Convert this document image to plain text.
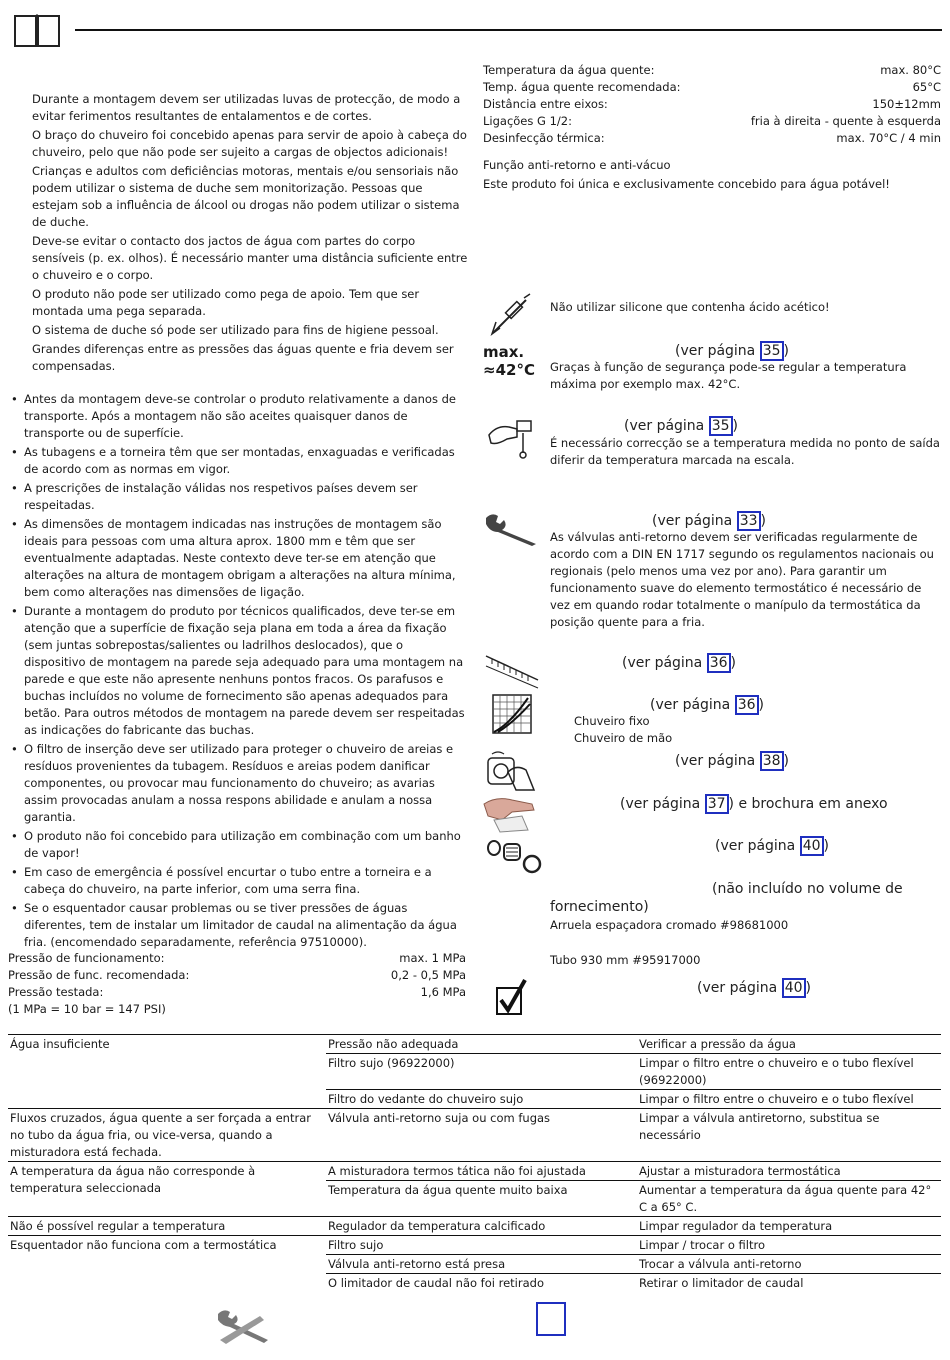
Durante a montagem devem ser utilizadas luvas de protecção, de modo a evitar ferimentos resultantes de entalamentos e de cortes.

O braço do chuveiro foi concebido apenas para servir de apoio à cabeça do chuveiro, pelo que não pode ser sujeito a cargas de objectos adicionais!

Crianças e adultos com deficiências motoras, mentais e/ou sensoriais não podem utilizar o sistema de duche sem monitorização. Pessoas que estejam sob a influência de álcool ou drogas não podem utilizar o sistema de duche.

Deve-se evitar o contacto dos jactos de água com partes do corpo sensíveis (p. ex. olhos). É necessário manter uma distância suficiente entre o chuveiro e o corpo.

O produto não pode ser utilizado como pega de apoio. Tem que ser montada uma pega separada.

O sistema de duche só pode ser utilizado para fins de higiene pessoal.

Grandes diferenças entre as pressões das águas quente e fria devem ser compensadas.

• Antes da montagem deve-se controlar o produto relativamente a danos de transporte. Após a montagem não são aceites quaisquer danos de transporte ou de superfície.
• As tubagens e a torneira têm que ser montadas, enxaguadas e verificadas de acordo com as normas em vigor.
• A prescrições de instalação válidas nos respetivos países devem ser respeitadas.
• As dimensões de montagem indicadas nas instruções de montagem são ideais para pessoas com uma altura aprox. 1800 mm e têm que ser eventualmente adaptadas. Neste contexto deve ter-se em atenção que alterações na altura de montagem obrigam a alterações na altura mínima, bem como alterações nas dimensões de ligação.
• Durante a montagem do produto por técnicos qualificados, deve ter-se em atenção que a superfície de fixação seja plana em toda a área da fixação (sem juntas sobrepostas/salientes ou ladrilhos deslocados), que o dispositivo de montagem na parede seja adequado para uma montagem na parede e que este não apresente nenhuns pontos fracos. Os parafusos e buchas incluídos no volume de fornecimento são apenas adequados para betão. Para outros métodos de montagem na parede devem ser respeitadas as indicações do fabricante das buchas.
• O filtro de inserção deve ser utilizado para proteger o chuveiro de areias e resíduos provenientes da tubagem. Resíduos e areias podem danificar componentes, ou provocar mau funcionamento do chuveiro; as avarias assim provocadas anulam a nossa respons abilidade e anulam a nossa garantia.
• O produto não foi concebido para utilização em combinação com um banho de vapor!
• Em caso de emergência é possível encurtar o tubo entre a torneira e a cabeça do chuveiro, na parte inferior, com uma serra fina.
• Se o esquentador causar problemas ou se tiver pressões de águas diferentes, tem de instalar um limitador de caudal na alimentação da água fria. (encomendado separadamente, referência 97510000).
Pressão de funcionamento:	max. 1 MPa
Pressão de func. recomendada:	0,2 - 0,5 MPa
Pressão testada:	1,6 MPa
(1 MPa = 10 bar = 147 PSI)
Temperatura da água quente:	max. 80°C
Temp. água quente recomendada:	65°C
Distância entre eixos:	150±12mm
Ligações G 1/2:	fria à direita - quente à esquerda
Desinfecção térmica:	max. 70°C / 4 min
Função anti-retorno e anti-vácuo
Este produto foi única e exclusivamente concebido para água potável!
Não utilizar silicone que contenha ácido acético!
max.
≈42°C
(ver página 35 )
Graças à função de segurança pode-se regular a temperatura máxima por exemplo max. 42°C.
(ver página 35 )
É necessário correcção se a temperatura medida no ponto de saída diferir da temperatura marcada na escala.
(ver página 33 )
As válvulas anti-retorno devem ser verificadas regularmente de acordo com a DIN EN 1717 segundo os regulamentos nacionais ou regionais (pelo menos uma vez por ano). Para garantir um funcionamento suave do elemento termostático é necessário de vez em quando rodar totalmente o manípulo da termostática da posição quente para a fria.
(ver página 36 )
(ver página 36 )
Chuveiro fixo
Chuveiro de mão
(ver página 38 )
(ver página 37 ) e brochura em anexo
(ver página 40 )
(não incluído no volume de fornecimento)
Arruela espaçadora cromado #98681000
Tubo 930 mm #95917000
(ver página 40 )
Água insuficiente	Pressão não adequada	Verificar a pressão da água
	Filtro sujo (96922000)	Limpar o filtro entre o chuveiro e o tubo flexível (96922000)
	Filtro do vedante do chuveiro sujo	Limpar o filtro entre o chuveiro e o tubo flexível
Fluxos cruzados, água quente a ser forçada a entrar no tubo da água fria, ou vice-versa, quando a misturadora está fechada.	Válvula anti-retorno suja ou com fugas	Limpar a válvula antiretorno, substitua se necessário
A temperatura da água não corresponde à temperatura seleccionada	A misturadora termos tática não foi ajustada	Ajustar a misturadora termostática
	Temperatura da água quente muito baixa	Aumentar a temperatura da água quente para 42° C a 65° C.
Não é possível regular a temperatura	Regulador da temperatura calcificado	Limpar regulador da temperatura
Esquentador não funciona com a termostática	Filtro sujo	Limpar / trocar o filtro
	Válvula anti-retorno está presa	Trocar a válvula anti-retorno
	O limitador de caudal não foi retirado	Retirar o limitador de caudal
